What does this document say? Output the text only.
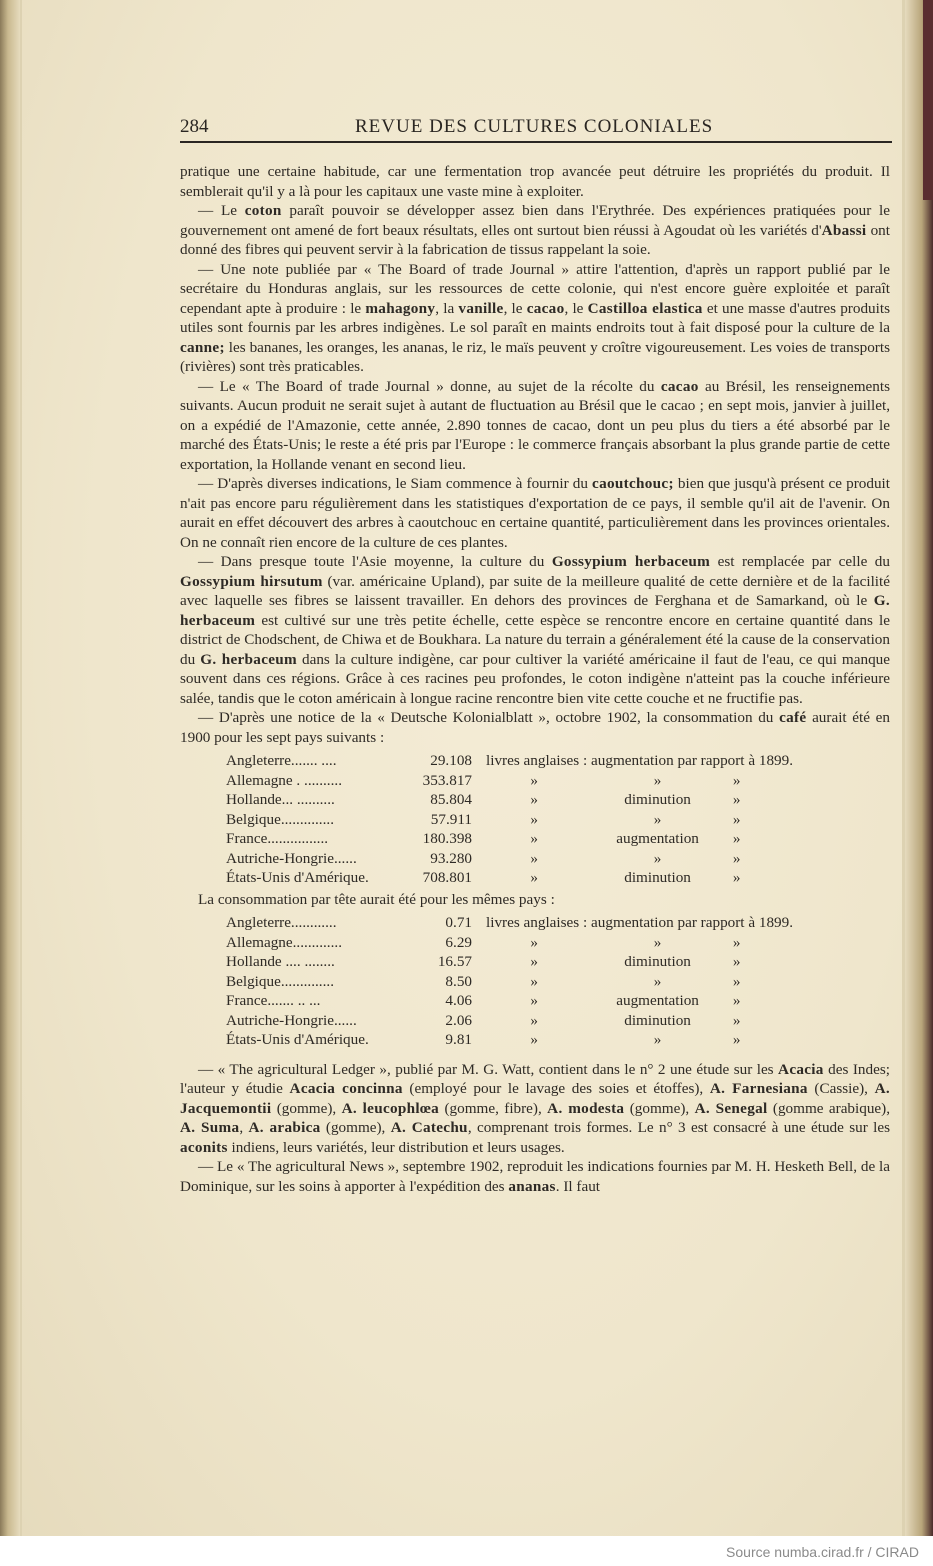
284	REVUE DES CULTURES COLONIALES

pratique une certaine habitude, car une fermentation trop avancée peut détruire les propriétés du produit. Il semblerait qu'il y a là pour les capitaux une vaste mine à exploiter.

— Le coton paraît pouvoir se développer assez bien dans l'Erythrée. Des expériences pratiquées pour le gouvernement ont amené de fort beaux résultats, elles ont surtout bien réussi à Agoudat où les variétés d'Abassi ont donné des fibres qui peuvent servir à la fabrication de tissus rappelant la soie.

— Une note publiée par « The Board of trade Journal » attire l'attention, d'après un rapport publié par le secrétaire du Honduras anglais, sur les ressources de cette colonie, qui n'est encore guère exploitée et paraît cependant apte à produire : le mahagony, la vanille, le cacao, le Castilloa elastica et une masse d'autres produits utiles sont fournis par les arbres indigènes. Le sol paraît en maints endroits tout à fait disposé pour la culture de la canne; les bananes, les oranges, les ananas, le riz, le maïs peuvent y croître vigoureusement. Les voies de transports (rivières) sont très praticables.

— Le « The Board of trade Journal » donne, au sujet de la récolte du cacao au Brésil, les renseignements suivants. Aucun produit ne serait sujet à autant de fluctuation au Brésil que le cacao ; en sept mois, janvier à juillet, on a expédié de l'Amazonie, cette année, 2.890 tonnes de cacao, dont un peu plus du tiers a été absorbé par le marché des États-Unis; le reste a été pris par l'Europe : le commerce français absorbant la plus grande partie de cette exportation, la Hollande venant en second lieu.

— D'après diverses indications, le Siam commence à fournir du caoutchouc; bien que jusqu'à présent ce produit n'ait pas encore paru régulièrement dans les statistiques d'exportation de ce pays, il semble qu'il ait de l'avenir. On aurait en effet découvert des arbres à caoutchouc en certaine quantité, particulièrement dans les provinces orientales. On ne connaît rien encore de la culture de ces plantes.

— Dans presque toute l'Asie moyenne, la culture du Gossypium herbaceum est remplacée par celle du Gossypium hirsutum (var. américaine Upland), par suite de la meilleure qualité de cette dernière et de la facilité avec laquelle ses fibres se laissent travailler. En dehors des provinces de Ferghana et de Samarkand, où le G. herbaceum est cultivé sur une très petite échelle, cette espèce se rencontre encore en certaine quantité dans le district de Chodschent, de Chiwa et de Boukhara. La nature du terrain a généralement été la cause de la conservation du G. herbaceum dans la culture indigène, car pour cultiver la variété américaine il faut de l'eau, ce qui manque souvent dans ces régions. Grâce à ces racines peu profondes, le coton indigène n'atteint pas la couche inférieure salée, tandis que le coton américain à longue racine rencontre bien vite cette couche et ne fructifie pas.

— D'après une notice de la « Deutsche Kolonialblatt », octobre 1902, la consommation du café aurait été en 1900 pour les sept pays suivants :

Angleterre....... ....	29.108	livres anglaises : augmentation par rapport à 1899.		
Allemagne . ..........	353.817	»	»	»
Hollande... ..........	85.804	»	diminution	»
Belgique..............	57.911	»	»	»
France................	180.398	»	augmentation	»
Autriche-Hongrie......	93.280	»	»	»
États-Unis d'Amérique.	708.801	»	diminution	»

La consommation par tête aurait été pour les mêmes pays :

Angleterre............	0.71	livres anglaises : augmentation par rapport à 1899.		
Allemagne.............	6.29	»	»	»
Hollande .... ........	16.57	»	diminution	»
Belgique..............	8.50	»	»	»
France....... .. ...	4.06	»	augmentation	»
Autriche-Hongrie......	2.06	»	diminution	»
États-Unis d'Amérique.	9.81	»	»	»

— « The agricultural Ledger », publié par M. G. Watt, contient dans le n° 2 une étude sur les Acacia des Indes; l'auteur y étudie Acacia concinna (employé pour le lavage des soies et étoffes), A. Farnesiana (Cassie), A. Jacquemontii (gomme), A. leucophlœa (gomme, fibre), A. modesta (gomme), A. Senegal (gomme arabique), A. Suma, A. arabica (gomme), A. Catechu, comprenant trois formes. Le n° 3 est consacré à une étude sur les aconits indiens, leurs variétés, leur distribution et leurs usages.

— Le « The agricultural News », septembre 1902, reproduit les indications fournies par M. H. Hesketh Bell, de la Dominique, sur les soins à apporter à l'expédition des ananas. Il faut

Source numba.cirad.fr / CIRAD
